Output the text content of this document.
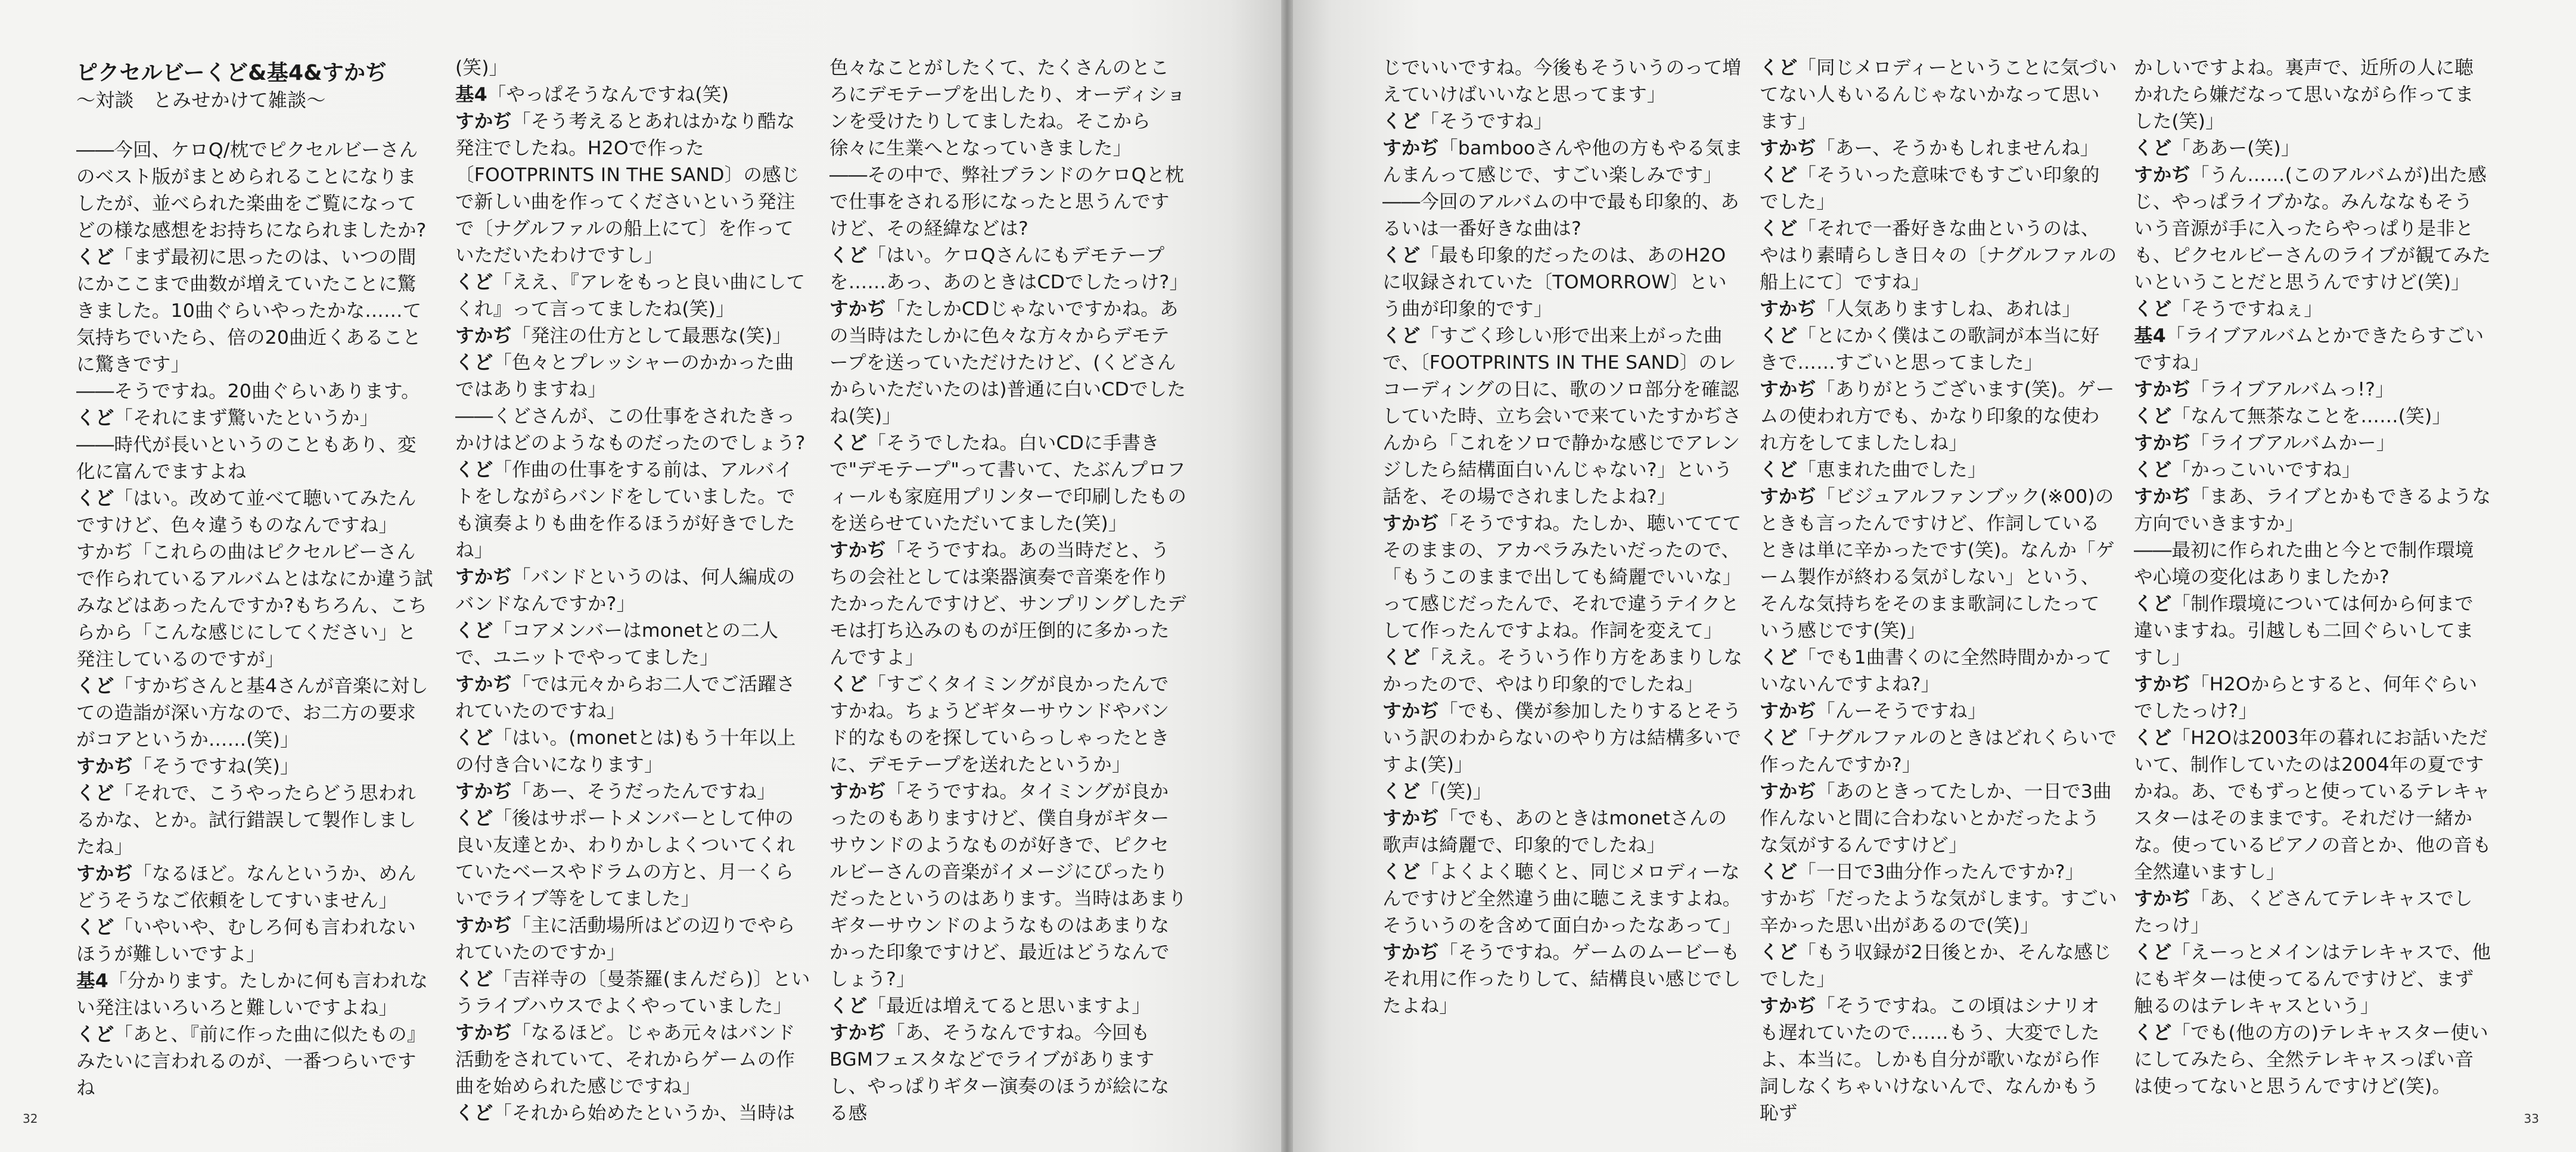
ピクセルビーくど&基4&すかぢ
～対談　とみせかけて雑談～

――今回、ケロQ/枕でピクセルビーさんのベスト版がまとめられることになりましたが、並べられた楽曲をご覧になってどの様な感想をお持ちになられましたか?

くど「まず最初に思ったのは、いつの間にかここまで曲数が増えていたことに驚きました。10曲ぐらいやったかな……て気持ちでいたら、倍の20曲近くあることに驚きです」

――そうですね。20曲ぐらいあります。

くど「それにまず驚いたというか」

――時代が長いというのこともあり、変化に富んでますよね

くど「はい。改めて並べて聴いてみたんですけど、色々違うものなんですね」

すかぢ「これらの曲はピクセルビーさんで作られているアルバムとはなにか違う試みなどはあったんですか?もちろん、こちらから「こんな感じにしてください」と発注しているのですが」

くど「すかぢさんと基4さんが音楽に対しての造詣が深い方なので、お二方の要求がコアというか……(笑)」

すかぢ「そうですね(笑)」

くど「それで、こうやったらどう思われるかな、とか。試行錯誤して製作しましたね」

すかぢ「なるほど。なんというか、めんどうそうなご依頼をしてすいません」

くど「いやいや、むしろ何も言われないほうが難しいですよ」

基4「分かります。たしかに何も言われない発注はいろいろと難しいですよね」

くど「あと、『前に作った曲に似たもの』みたいに言われるのが、一番つらいですね

(笑)」

基4「やっぱそうなんですね(笑)

すかぢ「そう考えるとあれはかなり酷な発注でしたね。H2Oで作った〔FOOTPRINTS IN THE SAND〕の感じで新しい曲を作ってくださいという発注で〔ナグルファルの船上にて〕を作っていただいたわけですし」

くど「ええ、『アレをもっと良い曲にしてくれ』って言ってましたね(笑)」

すかぢ「発注の仕方として最悪な(笑)」

くど「色々とプレッシャーのかかった曲ではありますね」

――くどさんが、この仕事をされたきっかけはどのようなものだったのでしょう?

くど「作曲の仕事をする前は、アルバイトをしながらバンドをしていました。でも演奏よりも曲を作るほうが好きでしたね」

すかぢ「バンドというのは、何人編成のバンドなんですか?」

くど「コアメンバーはmonetとの二人で、ユニットでやってました」

すかぢ「では元々からお二人でご活躍されていたのですね」

くど「はい。(monetとは)もう十年以上の付き合いになります」

すかぢ「あー、そうだったんですね」

くど「後はサポートメンバーとして仲の良い友達とか、わりかしよくついてくれていたベースやドラムの方と、月一くらいでライブ等をしてました」

すかぢ「主に活動場所はどの辺りでやられていたのですか」

くど「吉祥寺の〔曼荼羅(まんだら)〕というライブハウスでよくやっていました」

すかぢ「なるほど。じゃあ元々はバンド活動をされていて、それからゲームの作曲を始められた感じですね」

くど「それから始めたというか、当時は

色々なことがしたくて、たくさんのところにデモテープを出したり、オーディションを受けたりしてましたね。そこから徐々に生業へとなっていきました」

――その中で、弊社ブランドのケロQと枕で仕事をされる形になったと思うんですけど、その経緯などは?

くど「はい。ケロQさんにもデモテープを……あっ、あのときはCDでしたっけ?」

すかぢ「たしかCDじゃないですかね。あの当時はたしかに色々な方々からデモテープを送っていただけたけど、(くどさんからいただいたのは)普通に白いCDでしたね(笑)」

くど「そうでしたね。白いCDに手書きで"デモテープ"って書いて、たぶんプロフィールも家庭用プリンターで印刷したものを送らせていただいてました(笑)」

すかぢ「そうですね。あの当時だと、うちの会社としては楽器演奏で音楽を作りたかったんですけど、サンプリングしたデモは打ち込みのものが圧倒的に多かったんですよ」

くど「すごくタイミングが良かったんですかね。ちょうどギターサウンドやバンド的なものを探していらっしゃったときに、デモテープを送れたというか」

すかぢ「そうですね。タイミングが良かったのもありますけど、僕自身がギターサウンドのようなものが好きで、ピクセルビーさんの音楽がイメージにぴったりだったというのはあります。当時はあまりギターサウンドのようなものはあまりなかった印象ですけど、最近はどうなんでしょう?」

くど「最近は増えてると思いますよ」

すかぢ「あ、そうなんですね。今回もBGMフェスタなどでライブがありますし、やっぱりギター演奏のほうが絵になる感

32

じでいいですね。今後もそういうのって増えていけばいいなと思ってます」

くど「そうですね」

すかぢ「bambooさんや他の方もやる気まんまんって感じで、すごい楽しみです」

――今回のアルバムの中で最も印象的、あるいは一番好きな曲は?

くど「最も印象的だったのは、あのH2Oに収録されていた〔TOMORROW〕という曲が印象的です」

くど「すごく珍しい形で出来上がった曲で、〔FOOTPRINTS IN THE SAND〕のレコーディングの日に、歌のソロ部分を確認していた時、立ち会いで来ていたすかぢさんから「これをソロで静かな感じでアレンジしたら結構面白いんじゃない?」という話を、その場でされましたよね?」

すかぢ「そうですね。たしか、聴いてててそのままの、アカペラみたいだったので、「もうこのままで出しても綺麗でいいな」って感じだったんで、それで違うテイクとして作ったんですよね。作詞を変えて」

くど「ええ。そういう作り方をあまりしなかったので、やはり印象的でしたね」

すかぢ「でも、僕が参加したりするとそういう訳のわからないのやり方は結構多いですよ(笑)」

くど「(笑)」

すかぢ「でも、あのときはmonetさんの歌声は綺麗で、印象的でしたね」

くど「よくよく聴くと、同じメロディーなんですけど全然違う曲に聴こえますよね。そういうのを含めて面白かったなあって」

すかぢ「そうですね。ゲームのムービーもそれ用に作ったりして、結構良い感じでしたよね」

くど「同じメロディーということに気づいてない人もいるんじゃないかなって思います」

すかぢ「あー、そうかもしれませんね」

くど「そういった意味でもすごい印象的でした」

くど「それで一番好きな曲というのは、やはり素晴らしき日々の〔ナグルファルの船上にて〕ですね」

すかぢ「人気ありますしね、あれは」

くど「とにかく僕はこの歌詞が本当に好きで……すごいと思ってました」

すかぢ「ありがとうございます(笑)。ゲームの使われ方でも、かなり印象的な使われ方をしてましたしね」

くど「恵まれた曲でした」

すかぢ「ビジュアルファンブック(※00)のときも言ったんですけど、作詞しているときは単に辛かったです(笑)。なんか「ゲーム製作が終わる気がしない」という、そんな気持ちをそのまま歌詞にしたっていう感じです(笑)」

くど「でも1曲書くのに全然時間かかっていないんですよね?」

すかぢ「んーそうですね」

くど「ナグルファルのときはどれくらいで作ったんですか?」

すかぢ「あのときってたしか、一日で3曲作んないと間に合わないとかだったような気がするんですけど」

くど「一日で3曲分作ったんですか?」

すかぢ「だったような気がします。すごい辛かった思い出があるので(笑)」

くど「もう収録が2日後とか、そんな感じでした」

すかぢ「そうですね。この頃はシナリオも遅れていたので……もう、大変でしたよ、本当に。しかも自分が歌いながら作詞しなくちゃいけないんで、なんかもう恥ず

かしいですよね。裏声で、近所の人に聴かれたら嫌だなって思いながら作ってました(笑)」

くど「ああー(笑)」

すかぢ「うん……(このアルバムが)出た感じ、やっぱライブかな。みんななもそういう音源が手に入ったらやっぱり是非とも、ピクセルビーさんのライブが観てみたいということだと思うんですけど(笑)」

くど「そうですねぇ」

基4「ライブアルバムとかできたらすごいですね」

すかぢ「ライブアルバムっ!?」

くど「なんて無茶なことを……(笑)」

すかぢ「ライブアルバムかー」

くど「かっこいいですね」

すかぢ「まあ、ライブとかもできるような方向でいきますか」

――最初に作られた曲と今とで制作環境や心境の変化はありましたか?

くど「制作環境については何から何まで違いますね。引越しも二回ぐらいしてますし」

すかぢ「H2Oからとすると、何年ぐらいでしたっけ?」

くど「H2Oは2003年の暮れにお話いただいて、制作していたのは2004年の夏ですかね。あ、でもずっと使っているテレキャスターはそのままです。それだけ一緒かな。使っているピアノの音とか、他の音も全然違いますし」

すかぢ「あ、くどさんてテレキャスでしたっけ」

くど「えーっとメインはテレキャスで、他にもギターは使ってるんですけど、まず触るのはテレキャスという」

くど「でも(他の方の)テレキャスター使いにしてみたら、全然テレキャスっぽい音は使ってないと思うんですけど(笑)。

33
